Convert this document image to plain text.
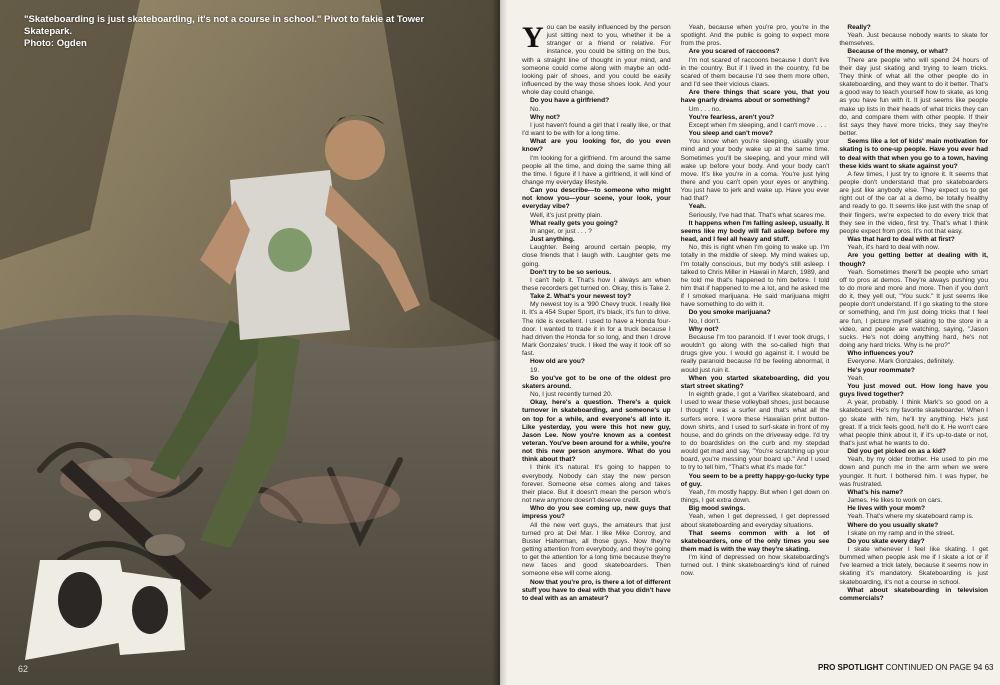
"Skateboarding is just skateboarding, it's not a course in school." Pivot to fakie at Tower Skatepark.
Photo: Ogden
62

You can be easily influenced by the person just sitting next to you, whether it be a stranger or a friend or relative. For instance, you could be sitting on the bus, with a straight line of thought in your mind, and someone could come along with maybe an odd-looking pair of shoes, and you could be easily influenced by the way those shoes look. And your whole day could change.

Do you have a girlfriend?

No.

Why not?

I just haven't found a girl that I really like, or that I'd want to be with for a long time.

What are you looking for, do you even know?

I'm looking for a girlfriend. I'm around the same people all the time, and doing the same thing all the time. I figure if I have a girlfriend, it will kind of change my everyday lifestyle.

Can you describe—to someone who might not know you—your scene, your look, your everyday vibe?

Well, it's just pretty plain.

What really gets you going?

In anger, or just . . . ?

Just anything.

Laughter. Being around certain people, my close friends that I laugh with. Laughter gets me going.

Don't try to be so serious.

I can't help it. That's how I always am when these recorders get turned on. Okay, this is Take 2.

Take 2. What's your newest toy?

My newest toy is a '990 Chevy truck. I really like it. It's a 454 Super Sport, it's black, it's fun to drive. The ride is excellent. I used to have a Honda four-door. I wanted to trade it in for a truck because I had driven the Honda for so long, and then I drove Mark Gonzales' truck. I liked the way it took off so fast.

How old are you?

19.

So you've got to be one of the oldest pro skaters around.

No, I just recently turned 20.

Okay, here's a question. There's a quick turnover in skateboarding, and someone's up on top for a while, and everyone's all into it. Like yesterday, you were this hot new guy, Jason Lee. Now you're known as a contest veteran. You've been around for a while, you're not this new person anymore. What do you think about that?

I think it's natural. It's going to happen to everybody. Nobody can stay the new person forever. Someone else comes along and takes their place. But it doesn't mean the person who's not new anymore doesn't deserve credit.

Who do you see coming up, new guys that impress you?

All the new vert guys, the amateurs that just turned pro at Del Mar. I like Mike Conroy, and Buster Halterman, all those guys. Now they're getting attention from everybody, and they're going to get the attention for a long time because they're new faces and good skateboarders. Then someone else will come along.

Now that you're pro, is there a lot of different stuff you have to deal with that you didn't have to deal with as an amateur?

Yeah, because when you're pro, you're in the spotlight. And the public is going to expect more from the pros.

Are you scared of raccoons?

I'm not scared of raccoons because I don't live in the country. But if I lived in the country, I'd be scared of them because I'd see them more often, and I'd see their vicious claws.

Are there things that scare you, that you have gnarly dreams about or something?

Um . . . no.

You're fearless, aren't you?

Except when I'm sleeping, and I can't move . . .

You sleep and can't move?

You know when you're sleeping, usually your mind and your body wake up at the same time. Sometimes you'll be sleeping, and your mind will wake up before your body. And your body can't move. It's like you're in a coma. You're just lying there and you can't open your eyes or anything. You just have to jerk and wake up. Have you ever had that?

Yeah.

Seriously, I've had that. That's what scares me.

It happens when I'm falling asleep, usually. It seems like my body will fall asleep before my head, and I feel all heavy and stuff.

No, this is right when I'm going to wake up. I'm totally in the middle of sleep. My mind wakes up, I'm totally conscious, but my body's still asleep. I talked to Chris Miller in Hawaii in March, 1989, and he told me that's happened to him before. I told him that if happened to me a lot, and he asked me if I smoked marijuana. He said marijuana might have something to do with it.

Do you smoke marijuana?

No, I don't.

Why not?

Because I'm too paranoid. If I ever took drugs, I wouldn't go along with the so-called high that drugs give you. I would go against it. I would be really paranoid because I'd be feeling abnormal, it would just ruin it.

When you started skateboarding, did you start street skating?

In eighth grade, I got a Variflex skateboard, and I used to wear these volleyball shoes, just because I thought I was a surfer and that's what all the surfers wore. I wore these Hawaiian print button-down shirts, and I used to surf-skate in front of my house, and do grinds on the driveway edge. I'd try to do boardslides on the curb and my stepdad would get mad and say, "You're scratching up your board, you're messing your board up." And I used to try to tell him, "That's what it's made for."

You seem to be a pretty happy-go-lucky type of guy.

Yeah, I'm mostly happy. But when I get down on things, I get extra down.

Big mood swings.

Yeah, when I get depressed, I get depressed about skateboarding and everyday situations.

That seems common with a lot of skateboarders, one of the only times you see them mad is with the way they're skating.

I'm kind of depressed on how skateboarding's turned out. I think skateboarding's kind of ruined now.

Really?

Yeah. Just because nobody wants to skate for themselves.

Because of the money, or what?

There are people who will spend 24 hours of their day just skating and trying to learn tricks. They think of what all the other people do in skateboarding, and they want to do it better. That's a good way to teach yourself how to skate, as long as you have fun with it. It just seems like people make up lists in their heads of what tricks they can do, and compare them with other people. If their list says they have more tricks, they say they're better.

Seems like a lot of kids' main motivation for skating is to one-up people. Have you ever had to deal with that when you go to a town, having these kids want to skate against you?

A few times, I just try to ignore it. It seems that people don't understand that pro skateboarders are just like anybody else. They expect us to get right out of the car at a demo, be totally healthy and ready to go. It seems like just with the snap of their fingers, we're expected to do every trick that they see in the video, first try. That's what I think people expect from pros. It's not that easy.

Was that hard to deal with at first?

Yeah, it's hard to deal with now.

Are you getting better at dealing with it, though?

Yeah. Sometimes there'll be people who smart off to pros at demos. They're always pushing you to do more and more and more. Then if you don't do it, they yell out, "You suck." It just seems like people don't understand. If I go skating to the store or something, and I'm just doing tricks that I feel are fun, I picture myself skating to the store in a video, and people are watching, saying, "Jason sucks. He's not doing anything hard, he's not doing any hard tricks. Why is he pro?"

Who influences you?

Everyone. Mark Gonzales, definitely.

He's your roommate?

Yeah.

You just moved out. How long have you guys lived together?

A year, probably. I think Mark's so good on a skateboard. He's my favorite skateboarder. When I go skate with him, he'll try anything. He's just great. If a trick feels good, he'll do it. He won't care what people think about it, if it's up-to-date or not, that's just what he wants to do.

Did you get picked on as a kid?

Yeah, by my older brother. He used to pin me down and punch me in the arm when we were younger. It hurt. I bothered him. I was hyper, he was frustrated.

What's his name?

James. He likes to work on cars.

He lives with your mom?

Yeah. That's where my skateboard ramp is.

Where do you usually skate?

I skate on my ramp and in the street.

Do you skate every day?

I skate whenever I feel like skating. I get bummed when people ask me if I skate a lot or if I've learned a trick lately, because it seems now in skating it's mandatory. Skateboarding is just skateboarding, it's not a course in school.

What about skateboarding in television commercials?

PRO SPOTLIGHT CONTINUED ON PAGE 94 63
